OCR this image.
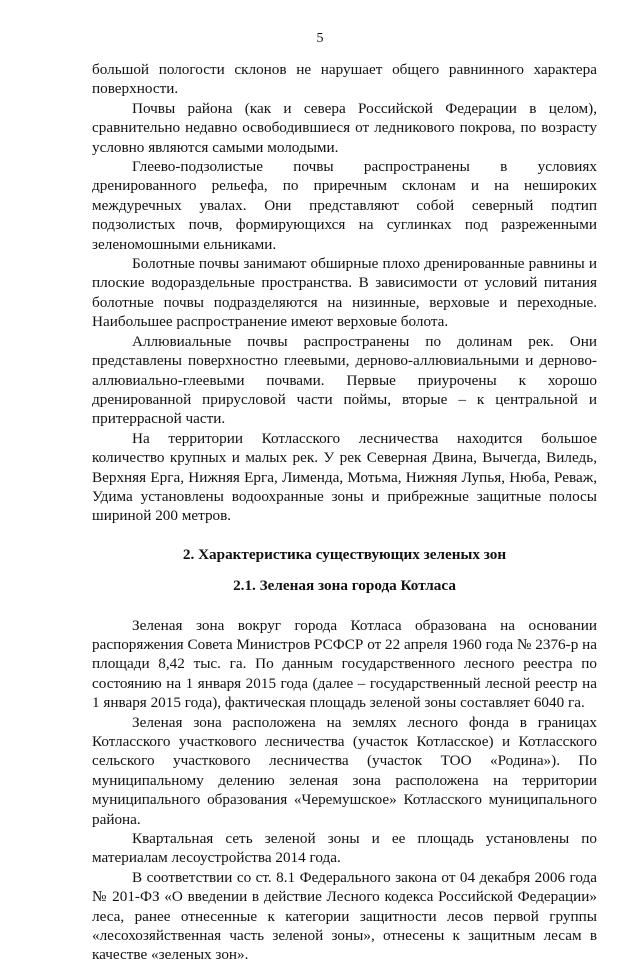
5

большой пологости склонов не нарушает общего равнинного характера поверхности.

Почвы района (как и севера Российской Федерации в целом), сравнительно недавно освободившиеся от ледникового покрова, по возрасту условно являются самыми молодыми.

Глеево-подзолистые почвы распространены в условиях дренированного рельефа, по приречным склонам и на нешироких междуречных увалах. Они представляют собой северный подтип подзолистых почв, формирующихся на суглинках под разреженными зеленомошными ельниками.

Болотные почвы занимают обширные плохо дренированные равнины и плоские водораздельные пространства. В зависимости от условий питания болотные почвы подразделяются на низинные, верховые и переходные. Наибольшее распространение имеют верховые болота.

Аллювиальные почвы распространены по долинам рек. Они представлены поверхностно глеевыми, дерново-аллювиальными и дерново-аллювиально-глеевыми почвами. Первые приурочены к хорошо дренированной прирусловой части поймы, вторые – к центральной и притеррасной части.

На территории Котласского лесничества находится большое количество крупных и малых рек. У рек Северная Двина, Вычегда, Виледь, Верхняя Ерга, Нижняя Ерга, Лименда, Мотьма, Нижняя Лупья, Нюба, Реваж, Удима установлены водоохранные зоны и прибрежные защитные полосы шириной 200 метров.

2. Характеристика существующих зеленых зон

2.1. Зеленая зона города Котласа

Зеленая зона вокруг города Котласа образована на основании распоряжения Совета Министров РСФСР от 22 апреля 1960 года № 2376-р на площади 8,42 тыс. га. По данным государственного лесного реестра по состоянию на 1 января 2015 года (далее – государственный лесной реестр на 1 января 2015 года), фактическая площадь зеленой зоны составляет 6040 га.

Зеленая зона расположена на землях лесного фонда в границах Котласского участкового лесничества (участок Котласское) и Котласского сельского участкового лесничества (участок ТОО «Родина»). По муниципальному делению зеленая зона расположена на территории муниципального образования «Черемушское» Котласского муниципального района.

Квартальная сеть зеленой зоны и ее площадь установлены по материалам лесоустройства 2014 года.

В соответствии со ст. 8.1 Федерального закона от 04 декабря 2006 года № 201-ФЗ «О введении в действие Лесного кодекса Российской Федерации» леса, ранее отнесенные к категории защитности лесов первой группы «лесохозяйственная часть зеленой зоны», отнесены к защитным лесам в качестве «зеленых зон».
